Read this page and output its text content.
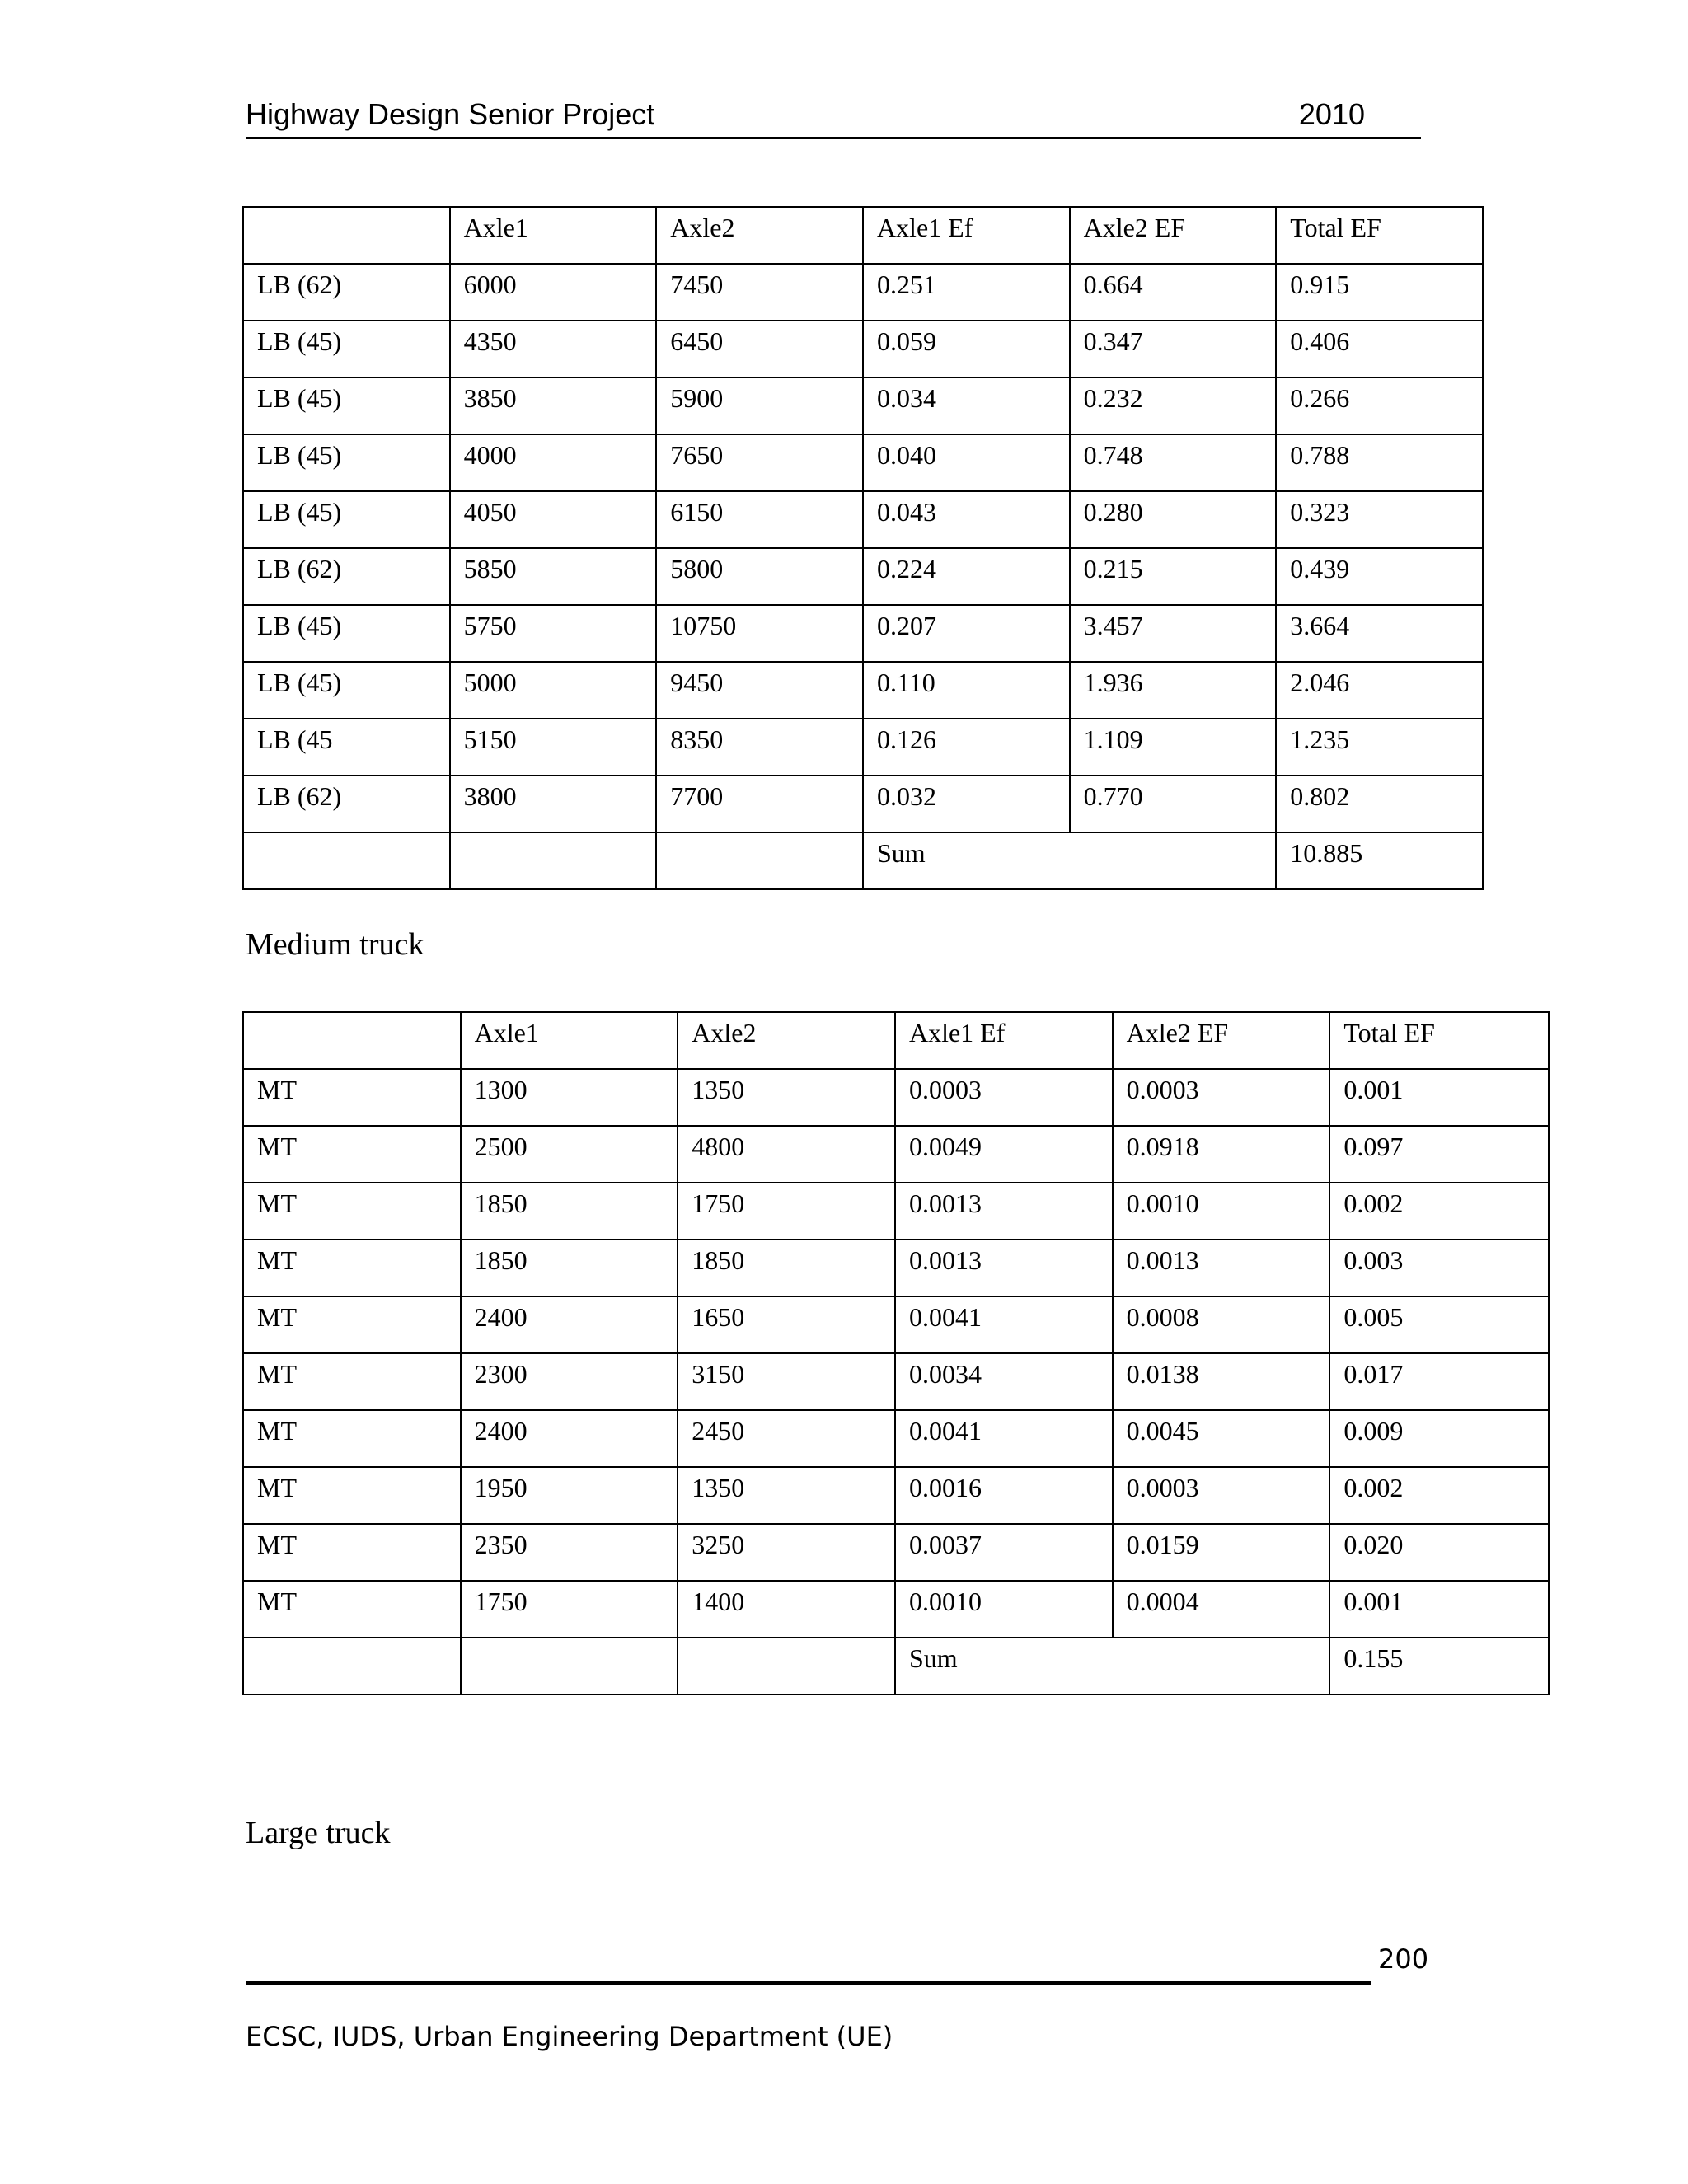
Highway Design Senior Project	2010
	Axle1	Axle2	Axle1 Ef	Axle2 EF	Total EF
LB (62)	6000	7450	0.251	0.664	0.915
LB (45)	4350	6450	0.059	0.347	0.406
LB (45)	3850	5900	0.034	0.232	0.266
LB (45)	4000	7650	0.040	0.748	0.788
LB (45)	4050	6150	0.043	0.280	0.323
LB (62)	5850	5800	0.224	0.215	0.439
LB (45)	5750	10750	0.207	3.457	3.664
LB (45)	5000	9450	0.110	1.936	2.046
LB (45	5150	8350	0.126	1.109	1.235
LB (62)	3800	7700	0.032	0.770	0.802
			Sum		10.885
Medium truck
	Axle1	Axle2	Axle1 Ef	Axle2 EF	Total EF
MT	1300	1350	0.0003	0.0003	0.001
MT	2500	4800	0.0049	0.0918	0.097
MT	1850	1750	0.0013	0.0010	0.002
MT	1850	1850	0.0013	0.0013	0.003
MT	2400	1650	0.0041	0.0008	0.005
MT	2300	3150	0.0034	0.0138	0.017
MT	2400	2450	0.0041	0.0045	0.009
MT	1950	1350	0.0016	0.0003	0.002
MT	2350	3250	0.0037	0.0159	0.020
MT	1750	1400	0.0010	0.0004	0.001
			Sum		0.155
Large truck
200
ECSC, IUDS, Urban Engineering Department (UE)
